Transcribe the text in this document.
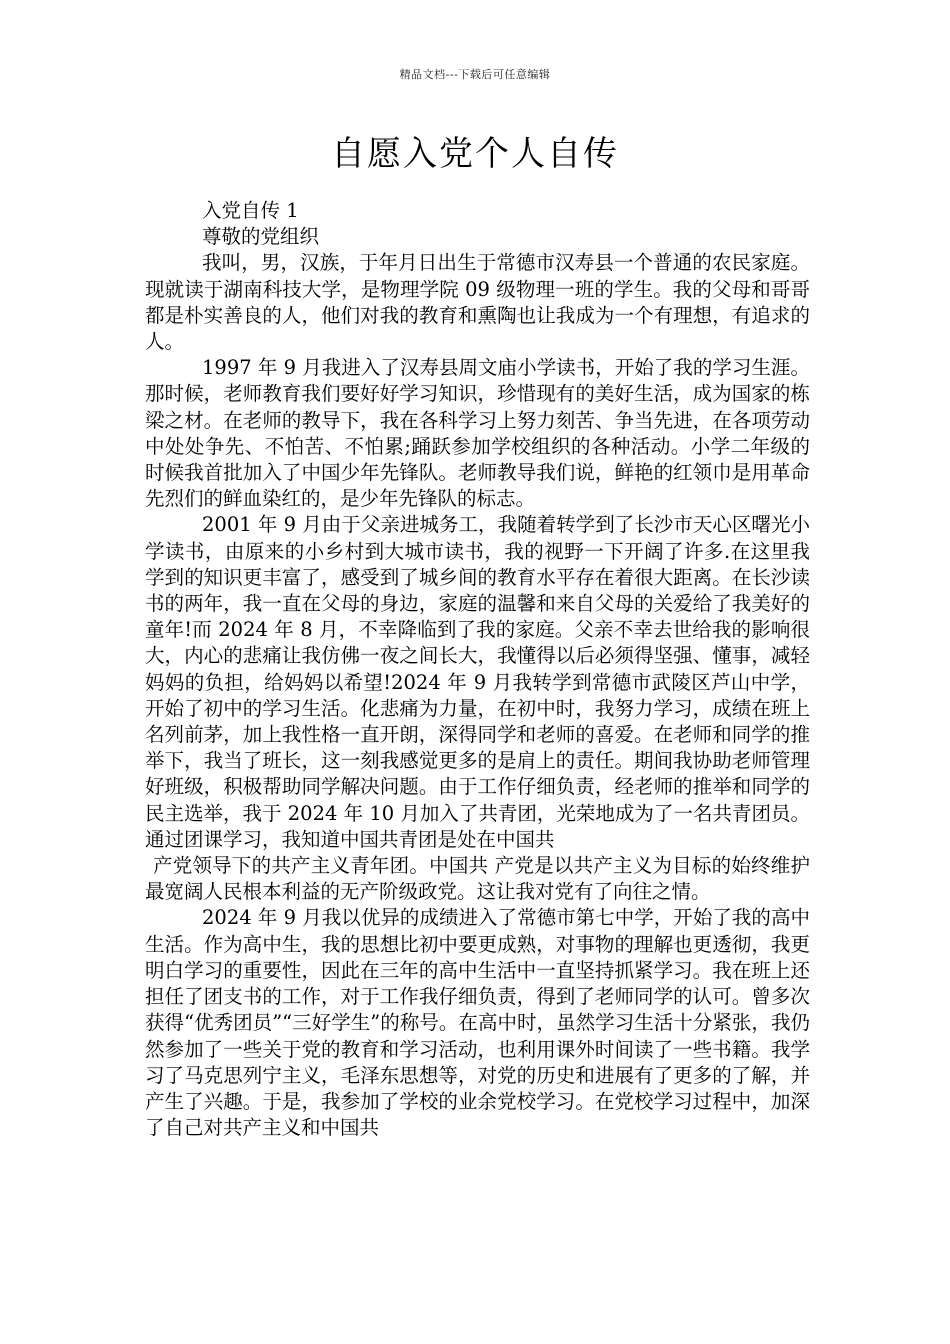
精品文档---下载后可任意编辑
自愿入党个人自传
入党自传 1
尊敬的党组织
我叫，男，汉族，于年月日出生于常德市汉寿县一个普通的农民家庭。现就读于湖南科技大学，是物理学院 09 级物理一班的学生。我的父母和哥哥都是朴实善良的人，他们对我的教育和熏陶也让我成为一个有理想，有追求的人。
1997 年 9 月我进入了汉寿县周文庙小学读书，开始了我的学习生涯。那时候，老师教育我们要好好学习知识，珍惜现有的美好生活，成为国家的栋梁之材。在老师的教导下，我在各科学习上努力刻苦、争当先进，在各项劳动中处处争先、不怕苦、不怕累;踊跃参加学校组织的各种活动。小学二年级的时候我首批加入了中国少年先锋队。老师教导我们说，鲜艳的红领巾是用革命先烈们的鲜血染红的，是少年先锋队的标志。
2001 年 9 月由于父亲进城务工，我随着转学到了长沙市天心区曙光小学读书，由原来的小乡村到大城市读书，我的视野一下开阔了许多.在这里我学到的知识更丰富了，感受到了城乡间的教育水平存在着很大距离。在长沙读书的两年，我一直在父母的身边，家庭的温馨和来自父母的关爱给了我美好的童年!而 2024 年 8 月，不幸降临到了我的家庭。父亲不幸去世给我的影响很大，内心的悲痛让我仿佛一夜之间长大，我懂得以后必须得坚强、懂事，减轻妈妈的负担，给妈妈以希望!2024 年 9 月我转学到常德市武陵区芦山中学，开始了初中的学习生活。化悲痛为力量，在初中时，我努力学习，成绩在班上名列前茅，加上我性格一直开朗，深得同学和老师的喜爱。在老师和同学的推举下，我当了班长，这一刻我感觉更多的是肩上的责任。期间我协助老师管理好班级，积极帮助同学解决问题。由于工作仔细负责，经老师的推举和同学的民主选举，我于 2024 年 10 月加入了共青团，光荣地成为了一名共青团员。通过团课学习，我知道中国共青团是处在中国共
产党领导下的共产主义青年团。中国共 产党是以共产主义为目标的始终维护最宽阔人民根本利益的无产阶级政党。这让我对党有了向往之情。
2024 年 9 月我以优异的成绩进入了常德市第七中学，开始了我的高中生活。作为高中生，我的思想比初中要更成熟，对事物的理解也更透彻，我更明白学习的重要性，因此在三年的高中生活中一直坚持抓紧学习。我在班上还担任了团支书的工作，对于工作我仔细负责，得到了老师同学的认可。曾多次获得“优秀团员”“三好学生”的称号。在高中时，虽然学习生活十分紧张，我仍然参加了一些关于党的教育和学习活动，也利用课外时间读了一些书籍。我学习了马克思列宁主义，毛泽东思想等，对党的历史和进展有了更多的了解，并产生了兴趣。于是，我参加了学校的业余党校学习。在党校学习过程中，加深了自己对共产主义和中国共
